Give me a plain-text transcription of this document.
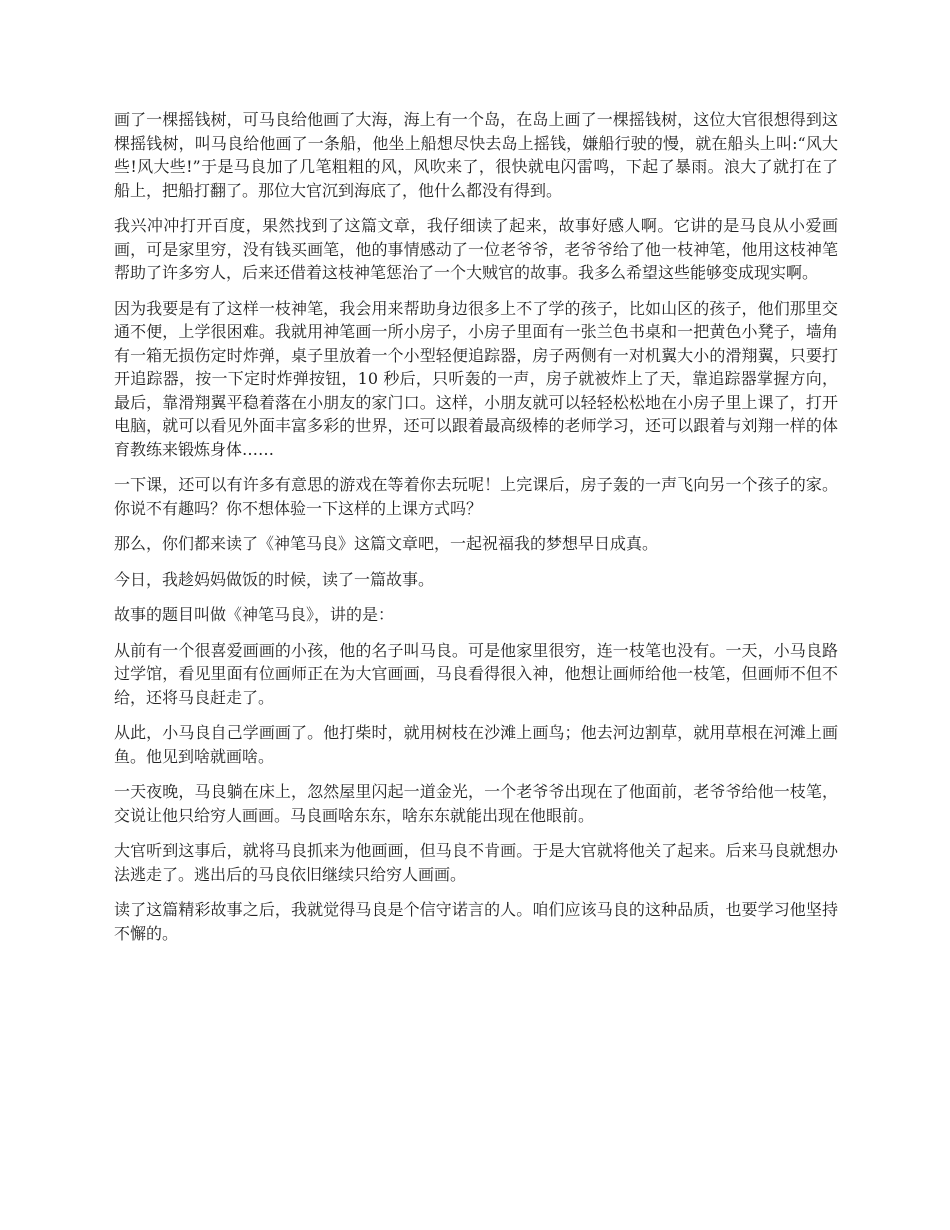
画了一棵摇钱树，可马良给他画了大海，海上有一个岛，在岛上画了一棵摇钱树，这位大官很想得到这棵摇钱树，叫马良给他画了一条船，他坐上船想尽快去岛上摇钱，嫌船行驶的慢，就在船头上叫:“风大些!风大些!”于是马良加了几笔粗粗的风，风吹来了，很快就电闪雷鸣，下起了暴雨。浪大了就打在了船上，把船打翻了。那位大官沉到海底了，他什么都没有得到。

我兴冲冲打开百度，果然找到了这篇文章，我仔细读了起来，故事好感人啊。它讲的是马良从小爱画画，可是家里穷，没有钱买画笔，他的事情感动了一位老爷爷，老爷爷给了他一枝神笔，他用这枝神笔帮助了许多穷人，后来还借着这枝神笔惩治了一个大贼官的故事。我多么希望这些能够变成现实啊。

因为我要是有了这样一枝神笔，我会用来帮助身边很多上不了学的孩子，比如山区的孩子，他们那里交通不便，上学很困难。我就用神笔画一所小房子，小房子里面有一张兰色书桌和一把黄色小凳子，墙角有一箱无损伤定时炸弹，桌子里放着一个小型轻便追踪器，房子两侧有一对机翼大小的滑翔翼，只要打开追踪器，按一下定时炸弹按钮，10 秒后，只听轰的一声，房子就被炸上了天，靠追踪器掌握方向，最后，靠滑翔翼平稳着落在小朋友的家门口。这样，小朋友就可以轻轻松松地在小房子里上课了，打开电脑，就可以看见外面丰富多彩的世界，还可以跟着最高级棒的老师学习，还可以跟着与刘翔一样的体育教练来锻炼身体……

一下课，还可以有许多有意思的游戏在等着你去玩呢！上完课后，房子轰的一声飞向另一个孩子的家。你说不有趣吗？你不想体验一下这样的上课方式吗？

那么，你们都来读了《神笔马良》这篇文章吧，一起祝福我的梦想早日成真。

今日，我趁妈妈做饭的时候，读了一篇故事。

故事的题目叫做《神笔马良》，讲的是：

从前有一个很喜爱画画的小孩，他的名子叫马良。可是他家里很穷，连一枝笔也没有。一天，小马良路过学馆，看见里面有位画师正在为大官画画，马良看得很入神，他想让画师给他一枝笔，但画师不但不给，还将马良赶走了。

从此，小马良自己学画画了。他打柴时，就用树枝在沙滩上画鸟；他去河边割草，就用草根在河滩上画鱼。他见到啥就画啥。

一天夜晚，马良躺在床上，忽然屋里闪起一道金光，一个老爷爷出现在了他面前，老爷爷给他一枝笔，交说让他只给穷人画画。马良画啥东东，啥东东就能出现在他眼前。

大官听到这事后，就将马良抓来为他画画，但马良不肯画。于是大官就将他关了起来。后来马良就想办法逃走了。逃出后的马良依旧继续只给穷人画画。

读了这篇精彩故事之后，我就觉得马良是个信守诺言的人。咱们应该马良的这种品质，也要学习他坚持不懈的。
